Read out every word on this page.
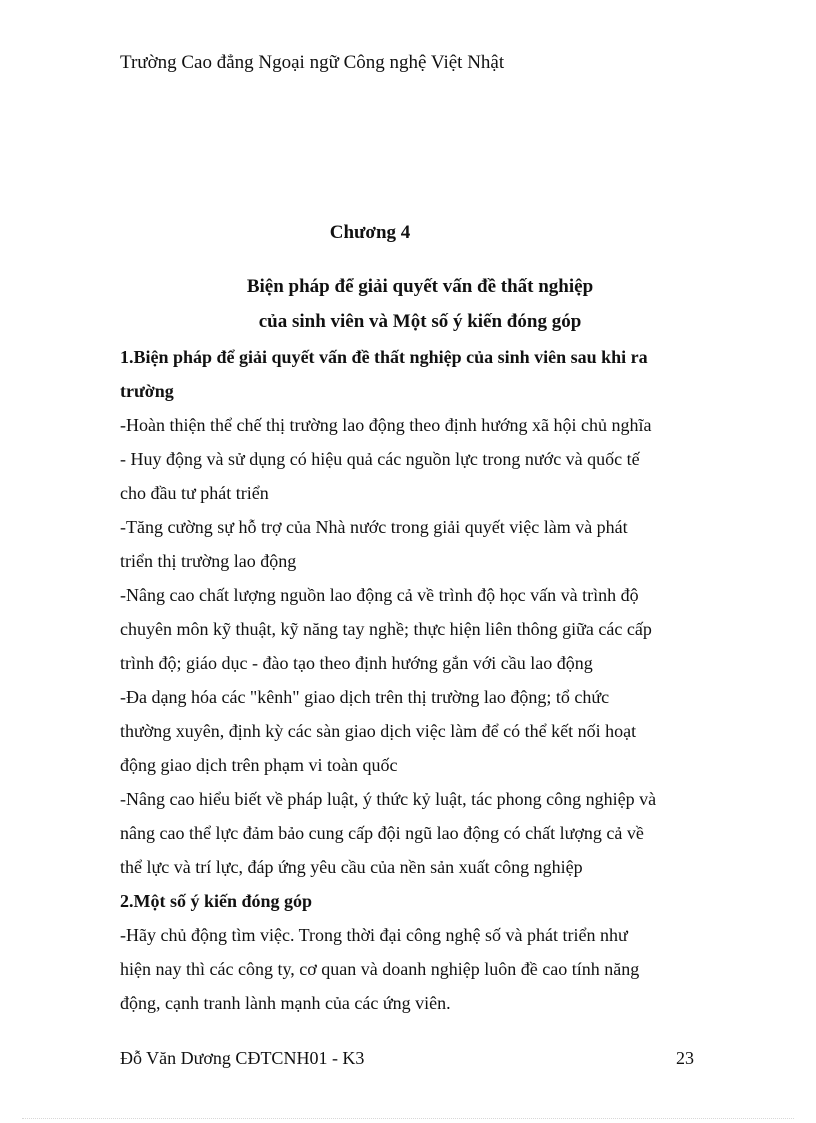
Trường Cao đẳng Ngoại ngữ Công nghệ Việt Nhật
Chương 4
Biện pháp để giải quyết vấn đề thất nghiệp
của sinh viên và Một số ý kiến đóng góp
1.Biện pháp để giải quyết vấn đề thất nghiệp của sinh viên sau khi ra
trường
-Hoàn thiện thể chế thị trường lao động theo định hướng xã hội chủ nghĩa
- Huy động và sử dụng có hiệu quả các nguồn lực trong nước và quốc tế
cho đầu tư phát triển
-Tăng cường sự hỗ trợ của Nhà nước trong giải quyết việc làm và phát
triển thị trường lao động
-Nâng cao chất lượng nguồn lao động cả về trình độ học vấn và trình độ
chuyên môn kỹ thuật, kỹ năng tay nghề; thực hiện liên thông giữa các cấp
trình độ; giáo dục - đào tạo theo định hướng gắn với cầu lao động
-Đa dạng hóa các "kênh" giao dịch trên thị trường lao động; tổ chức
thường xuyên, định kỳ các sàn giao dịch việc làm để có thể kết nối hoạt
động giao dịch trên phạm vi toàn quốc
-Nâng cao hiểu biết về pháp luật, ý thức kỷ luật, tác phong công nghiệp và
nâng cao thể lực đảm bảo cung cấp đội ngũ lao động có chất lượng cả về
thể lực và trí lực, đáp ứng yêu cầu của nền sản xuất công nghiệp
2.Một số ý kiến đóng góp
-Hãy chủ động tìm việc. Trong thời đại công nghệ số và phát triển như
hiện nay thì các công ty, cơ quan và doanh nghiệp luôn đề cao tính năng
động, cạnh tranh lành mạnh của các ứng viên.
Đỗ Văn Dương CĐTCNH01 - K3	23
